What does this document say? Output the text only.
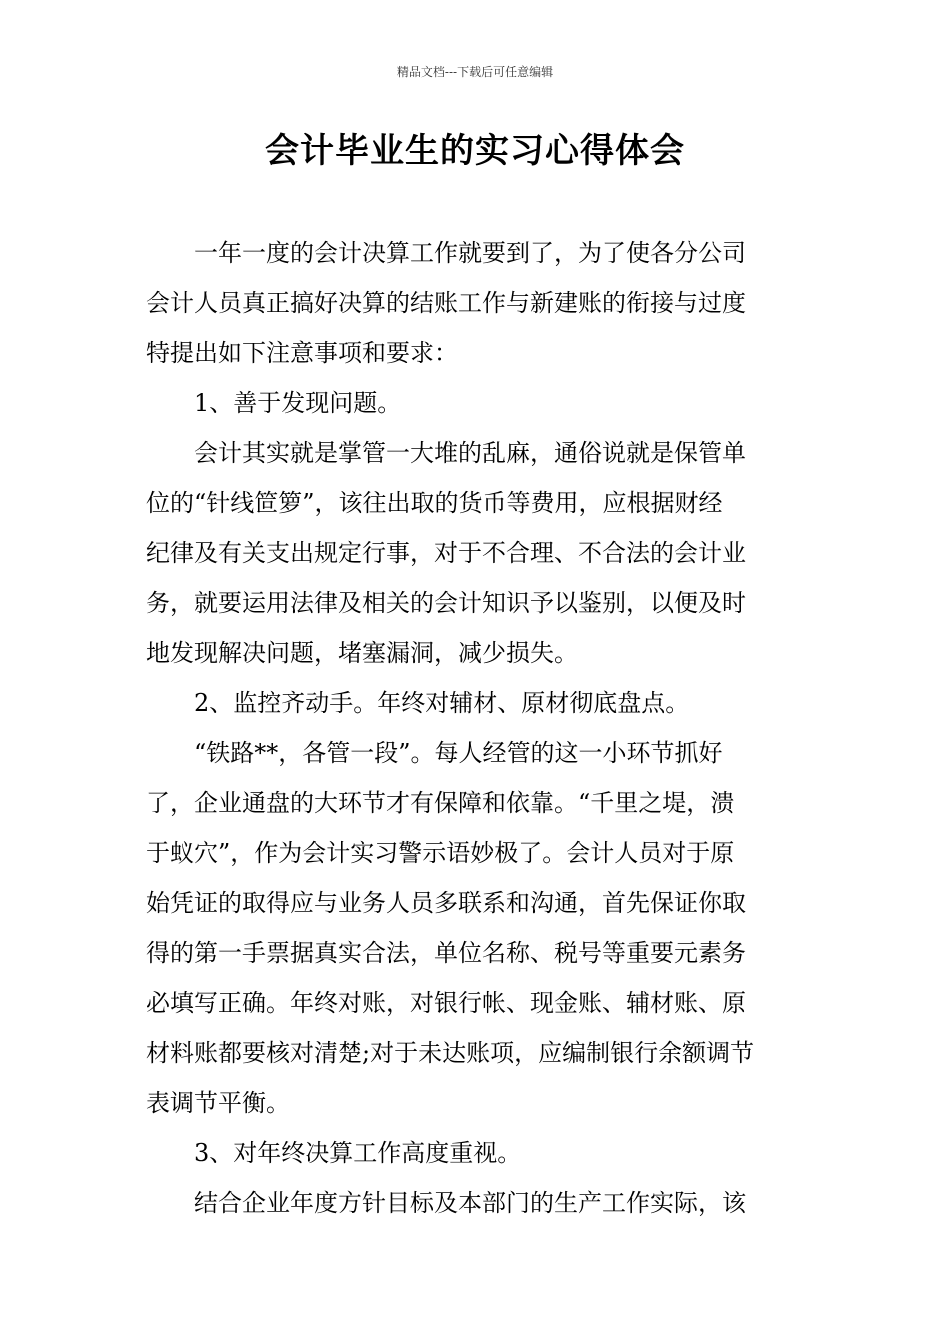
精品文档---下载后可任意编辑
会计毕业生的实习心得体会
一年一度的会计决算工作就要到了，为了使各分公司
会计人员真正搞好决算的结账工作与新建账的衔接与过度
特提出如下注意事项和要求：
1、善于发现问题。
会计其实就是掌管一大堆的乱麻，通俗说就是保管单
位的“针线笸箩”，该往出取的货币等费用，应根据财经
纪律及有关支出规定行事，对于不合理、不合法的会计业
务，就要运用法律及相关的会计知识予以鉴别，以便及时
地发现解决问题，堵塞漏洞，减少损失。
2、监控齐动手。年终对辅材、原材彻底盘点。
“铁路**，各管一段”。每人经管的这一小环节抓好
了，企业通盘的大环节才有保障和依靠。“千里之堤，溃
于蚁穴”，作为会计实习警示语妙极了。会计人员对于原
始凭证的取得应与业务人员多联系和沟通，首先保证你取
得的第一手票据真实合法，单位名称、税号等重要元素务
必填写正确。年终对账，对银行帐、现金账、辅材账、原
材料账都要核对清楚;对于未达账项，应编制银行余额调节
表调节平衡。
3、对年终决算工作高度重视。
结合企业年度方针目标及本部门的生产工作实际，该
